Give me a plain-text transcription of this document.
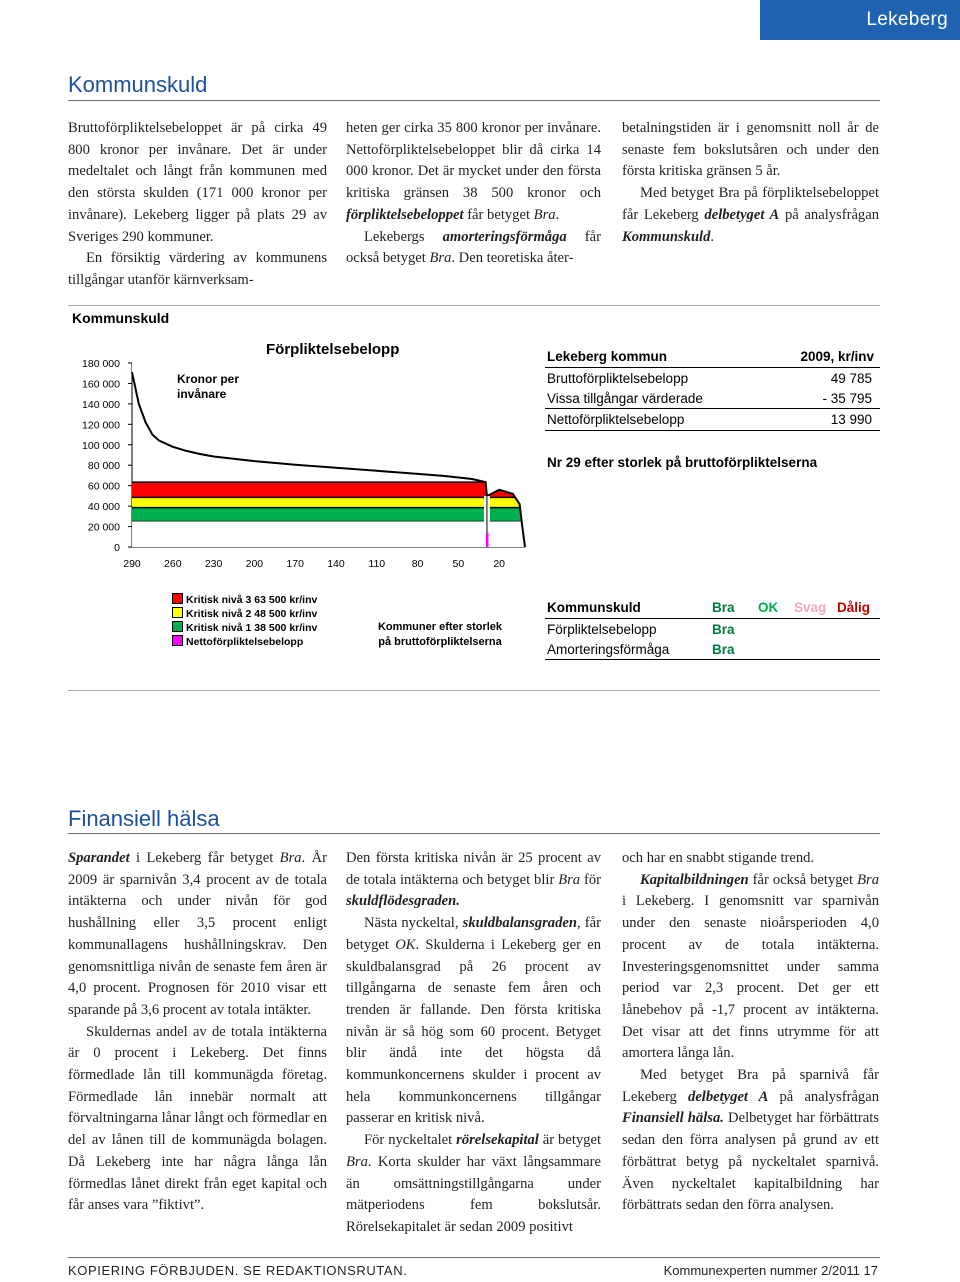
Lekeberg
Kommunskuld

Bruttoförpliktelsebeloppet är på cirka 49 800 kronor per invånare. Det är under medeltalet och långt från kommunen med den största skulden (171 000 kronor per invånare). Lekeberg ligger på plats 29 av Sveriges 290 kommuner.

En försiktig värdering av kommunens tillgångar utanför kärnverksam-

heten ger cirka 35 800 kronor per invånare. Nettoförpliktelsebeloppet blir då cirka 14 000 kronor. Det är mycket under den första kritiska gränsen 38 500 kronor och förpliktelsebeloppet får betyget Bra.

Lekebergs amorteringsförmåga får också betyget Bra. Den teoretiska åter-

betalningstiden är i genomsnitt noll år de senaste fem bokslutsåren och under den första kritiska gränsen 5 år.

Med betyget Bra på förpliktelsebeloppet får Lekeberg delbetyget A på analysfrågan Kommunskuld.

Kommunskuld
0
20 000
40 000
60 000
80 000
100 000
120 000
140 000
160 000
180 000
290 260 230 200 170 140 110	80	50	20
Förpliktelsebelopp
Kronor per
invånare
Kritisk nivå 3 63 500 kr/inv
Kritisk nivå 2 48 500 kr/inv
Kritisk nivå 1 38 500 kr/inv
Nettoförpliktelsebelopp
Kommuner efter storlek
på bruttoförpliktelserna
Lekeberg kommun	2009, kr/inv
Bruttoförpliktelsebelopp	49 785
Vissa tillgångar värderade	- 35 795
Nettoförpliktelsebelopp	13 990
Nr 29 efter storlek på bruttoförpliktelserna
Kommunskuld	Bra OK Svag Dålig
Förpliktelsebelopp	Bra
Amorteringsförmåga	Bra
Finansiell hälsa

Sparandet i Lekeberg får betyget Bra. År 2009 är sparnivån 3,4 procent av de totala intäkterna och under nivån för god hushållning eller 3,5 procent enligt kommunallagens hushållningskrav. Den genomsnittliga nivån de senaste fem åren är 4,0 procent. Prognosen för 2010 visar ett sparande på 3,6 procent av totala intäkter.

Skuldernas andel av de totala intäkterna är 0 procent i Lekeberg. Det finns förmedlade lån till kommunägda företag. Förmedlade lån innebär normalt att förvaltningarna lånar långt och förmedlar en del av lånen till de kommunägda bolagen. Då Lekeberg inte har några långa lån förmedlas lånet direkt från eget kapital och får anses vara ”fiktivt”.

Den första kritiska nivån är 25 procent av de totala intäkterna och betyget blir Bra för skuldflödesgraden.

Nästa nyckeltal, skuldbalansgraden, får betyget OK. Skulderna i Lekeberg ger en skuldbalansgrad på 26 procent av tillgångarna de senaste fem åren och trenden är fallande. Den första kritiska nivån är så hög som 60 procent. Betyget blir ändå inte det högsta då kommunkoncernens skulder i procent av hela kommunkoncernens tillgångar passerar en kritisk nivå.

För nyckeltalet rörelsekapital är betyget Bra. Korta skulder har växt långsammare än omsättningstillgångarna under mätperiodens fem bokslutsår. Rörelsekapitalet är sedan 2009 positivt

och har en snabbt stigande trend.

Kapitalbildningen får också betyget Bra i Lekeberg. I genomsnitt var sparnivån under den senaste nioårsperioden 4,0 procent av de totala intäkterna. Investeringsgenomsnittet under samma period var 2,3 procent. Det ger ett lånebehov på -1,7 procent av intäkterna. Det visar att det finns utrymme för att amortera långa lån.

Med betyget Bra på sparnivå får Lekeberg delbetyget A på analysfrågan Finansiell hälsa. Delbetyget har förbättrats sedan den förra analysen på grund av ett förbättrat betyg på nyckeltalet sparnivå. Även nyckeltalet kapitalbildning har förbättrats sedan den förra analysen.

KOPIERING FÖRBJUDEN. SE REDAKTIONSRUTAN.	Kommunexperten nummer 2/2011 17
